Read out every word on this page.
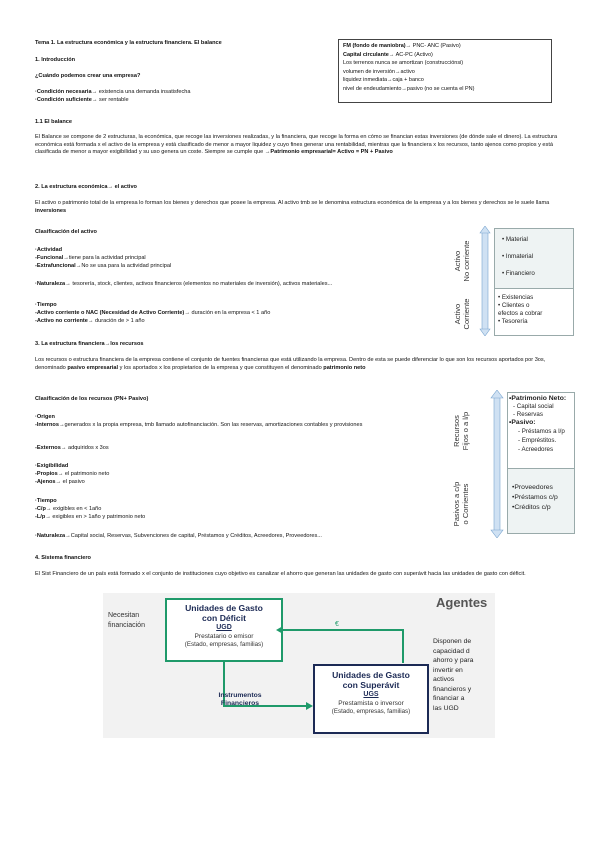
Tema 1. La estructura económica y la estructura financiera. El balance
1. Introducción
¿Cuándo podemos crear una empresa?
·Condición necesaria→ existencia una demanda insatisfecha
·Condición suficiente→ ser rentable
FM (fondo de maniobra)→ PNC- ANC (Pasivo)
Capital circulante→ AC-PC (Activo)
Los terrenos nunca se amortizan (construcciónsi)
volumen de inversión→activo
liquidez inmediata→caja + banco
nivel de endeudamiento→pasivo (no se cuenta el PN)
1.1 El balance
El Balance se compone de 2 estructuras, la económica, que recoge las inversiones realizadas, y la financiera, que recoge la forma en cómo se financian estas inversiones (de dónde sale el dinero). La estructura económica está formada x el activo de la empresa y está clasificado de menor a mayor liquidez y cuyo fines generar una rentabilidad, mientras que la financiera x los recursos, tanto ajenos como propios y está clasificada de menor a mayor exigibilidad y su uso genera un coste. Siempre se cumple que →Patrimonio empresarial= Activo = PN + Pasivo
2. La estructura económica→ el activo
El activo o patrimonio total de la empresa lo forman los bienes y derechos que posee la empresa. Al activo tmb se le denomina estructura económica de la empresa y a los bienes y derechos se le suele llama inversiones
Clasificación del activo
·Actividad
-Funcional→tiene para la actividad principal
-Extrafuncional→No se usa para la actividad principal
·Naturaleza→ tesorería, stock, clientes, activos financieros (elementos no materiales de inversión), activos materiales...
·Tiempo
-Activo corriente o NAC (Necesidad de Activo Corriente)→ duración en la empresa < 1 año
-Activo no corriente→ duración de > 1 año
Activo No corriente
Activo Corriente
• Material
• Inmaterial
• Financiero
• Existencias
• Clientes o
efectos a cobrar
• Tesorería
3. La estructura financiera→los recursos
Los recursos o estructura financiera de la empresa contiene el conjunto de fuentes financieras que está utilizando la empresa. Dentro de esta se puede diferenciar lo que son los recursos aportados por 3os, denominado pasivo empresarial y los aportados x los propietarios de la empresa y que constituyen el denominado patrimonio neto
Clasificación de los recursos (PN+ Pasivo)
·Origen
-Internos→generados x la propia empresa, tmb llamado autofinanciación. Son las reservas, amortizaciones contables y provisiones
-Externos→ adquiridos x 3os
·Exigibilidad
-Propios→ el patrimonio neto
-Ajenos→ el pasivo
·Tiempo
-C/p→ exigibles en < 1año
-L/p→ exigibles en > 1año y patrimonio neto
·Naturaleza→Capital social, Reservas, Subvenciones de capital, Préstamos y Créditos, Acreedores, Proveedores...
Recursos Fijos o a l/p
Pasivos a c/p o Corrientes
•Patrimonio Neto:
- Capital social
- Reservas
•Pasivo:
- Préstamos a l/p
- Empréstitos.
- Acreedores
•Proveedores
•Préstamos c/p
•Créditos c/p
4. Sistema financiero
El Sist Financiero de un país está formado x el conjunto de instituciones cuyo objetivo es canalizar el ahorro que generan las unidades de gasto con superávit hacia las unidades de gasto con déficit.
Agentes
Necesitan
financiación
Unidades de Gasto
con Déficit
UGD
Prestatario o emisor
(Estado, empresas, familias)
€
Instrumentos
Financieros
Unidades de Gasto
con Superávit
UGS
Prestamista o inversor
(Estado, empresas, familias)
Disponen de
capacidad d
ahorro y para
invertir en
activos
financieros y
financiar a
las UGD
